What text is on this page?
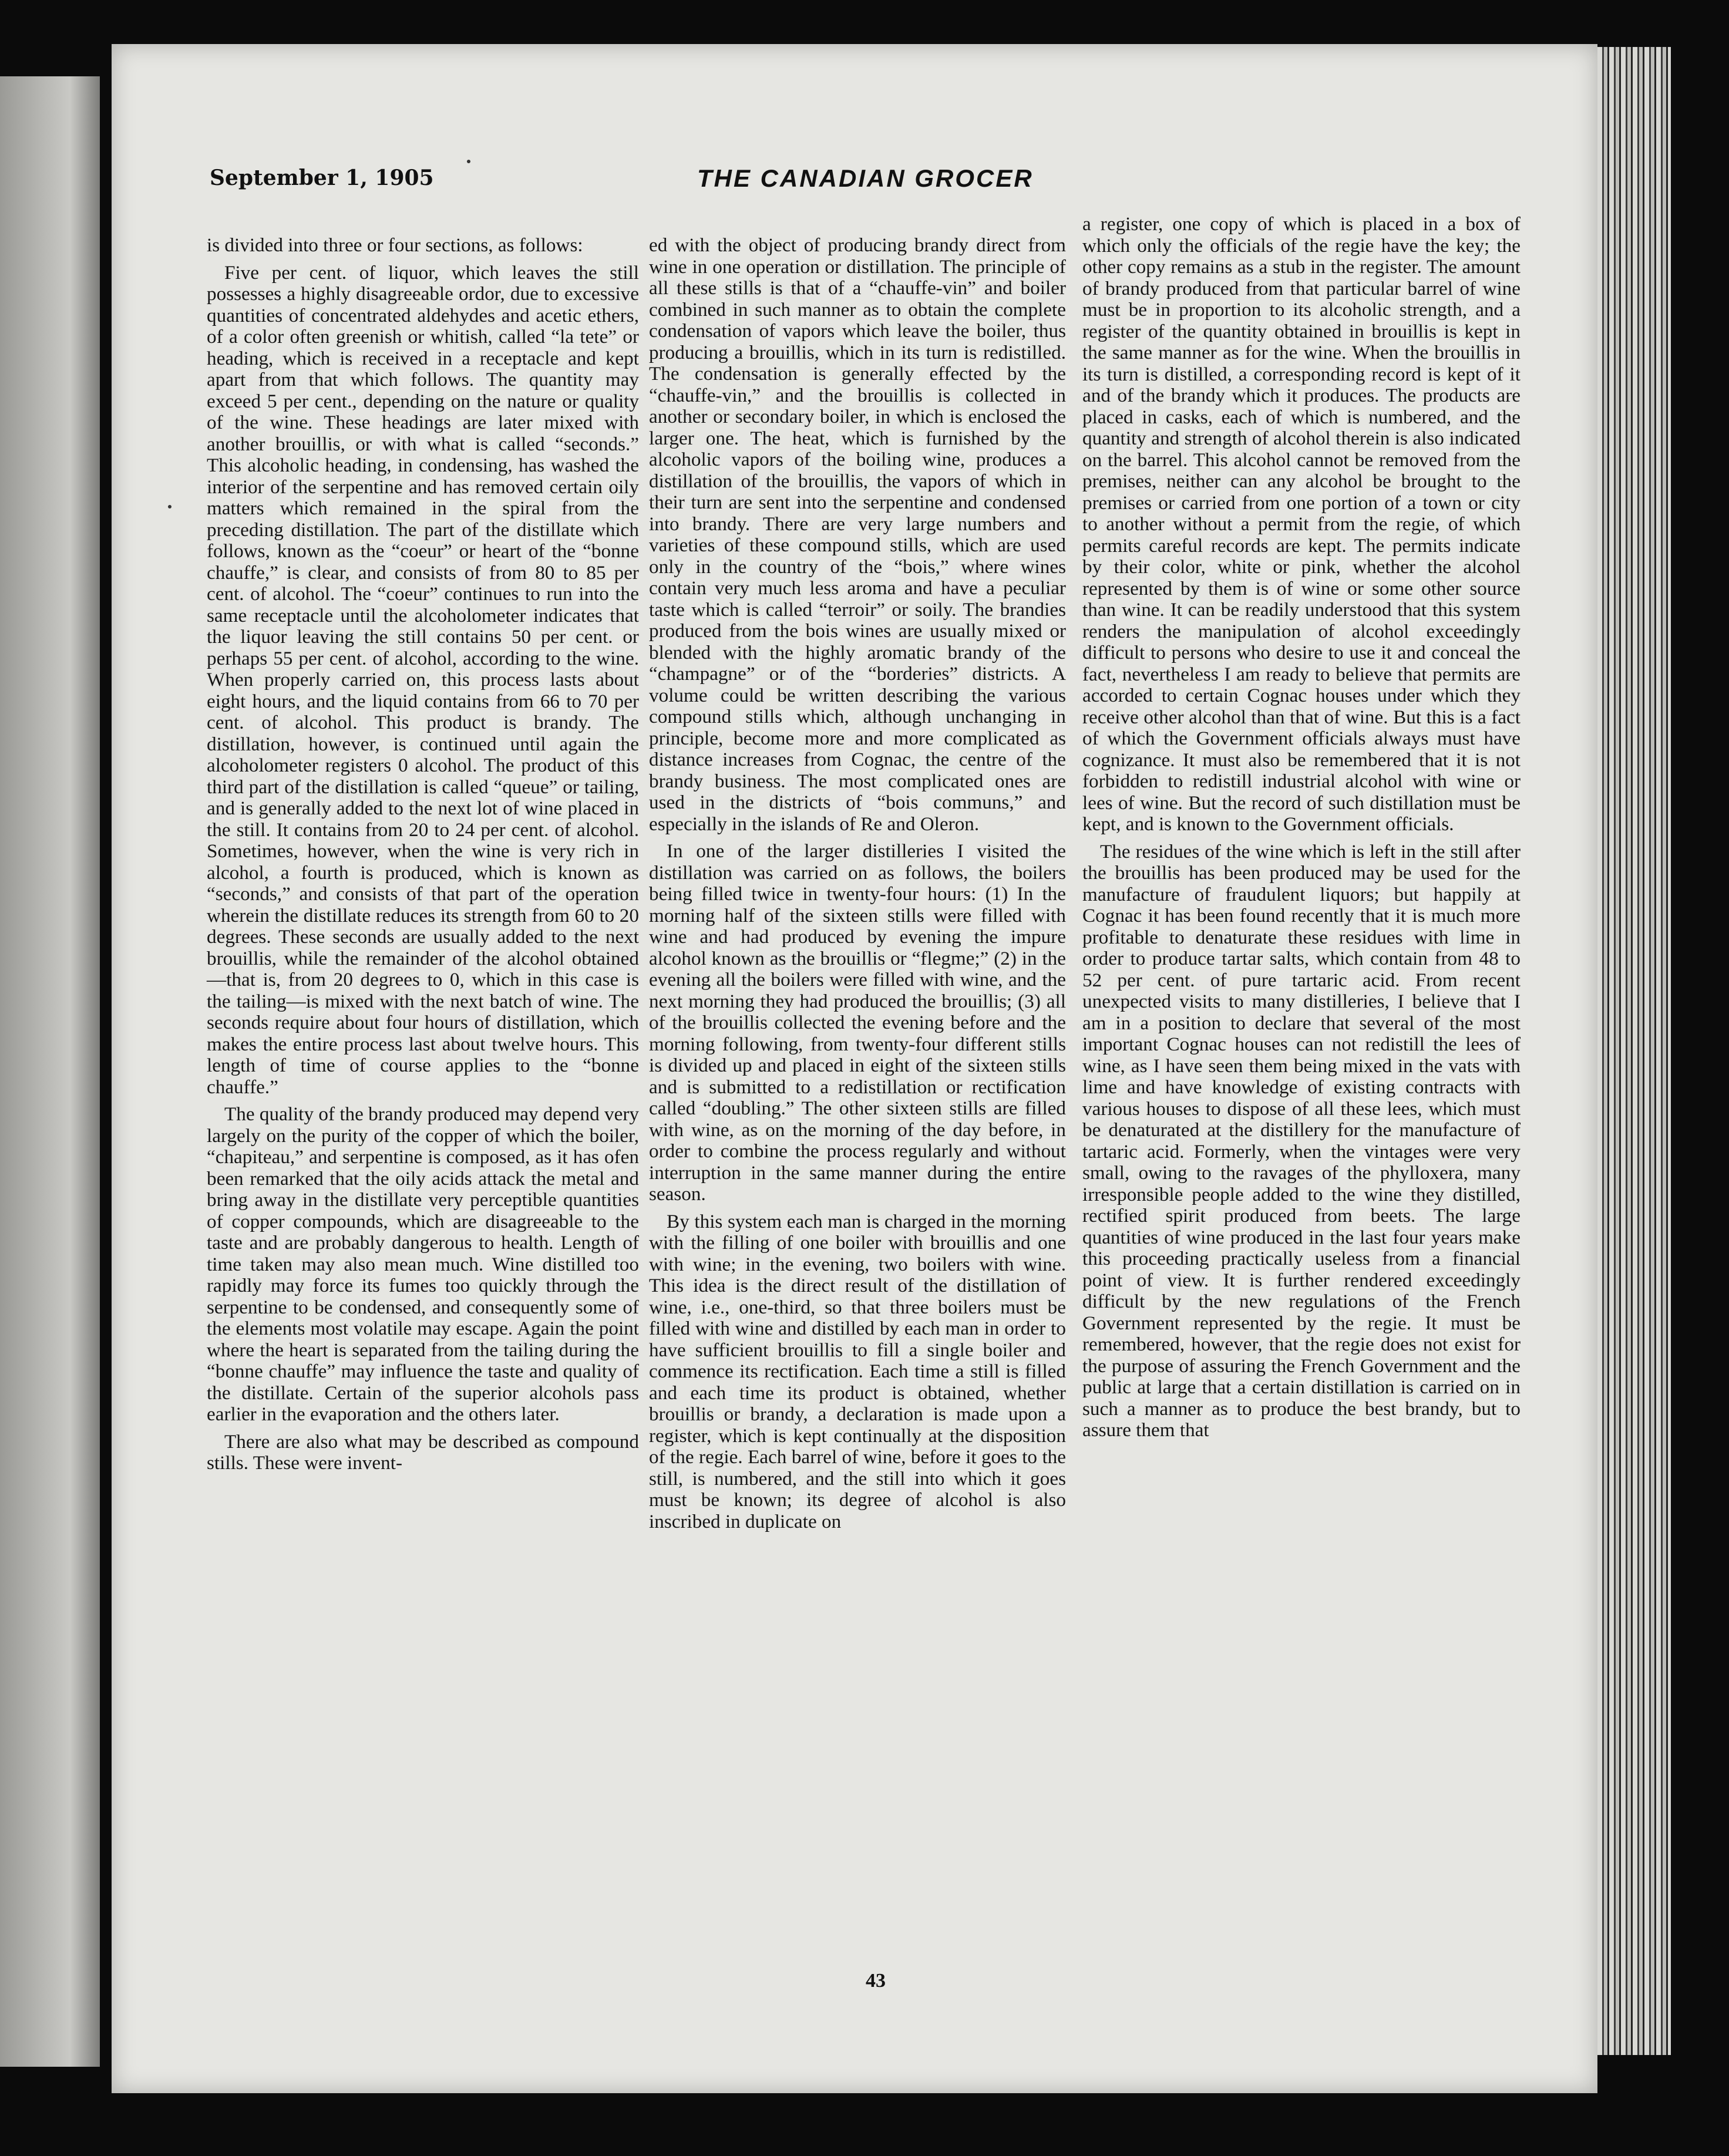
September 1, 1905	THE CANADIAN GROCER

is divided into three or four sections, as follows:

Five per cent. of liquor, which leaves the still possesses a highly disagreeable ordor, due to excessive quantities of concentrated aldehydes and acetic ethers, of a color often greenish or whitish, called “la tete” or heading, which is received in a receptacle and kept apart from that which follows. The quantity may exceed 5 per cent., depending on the nature or quality of the wine. These headings are later mixed with another brouillis, or with what is called “seconds.” This alcoholic heading, in condensing, has washed the interior of the serpentine and has removed certain oily matters which remained in the spiral from the preceding distillation. The part of the distillate which follows, known as the “coeur” or heart of the “bonne chauffe,” is clear, and consists of from 80 to 85 per cent. of alcohol. The “coeur” continues to run into the same receptacle until the alcoholometer indicates that the liquor leaving the still contains 50 per cent. or perhaps 55 per cent. of alcohol, according to the wine. When properly carried on, this process lasts about eight hours, and the liquid contains from 66 to 70 per cent. of alcohol. This product is brandy. The distillation, however, is continued until again the alcoholometer registers 0 alcohol. The product of this third part of the distillation is called “queue” or tailing, and is generally added to the next lot of wine placed in the still. It contains from 20 to 24 per cent. of alcohol. Sometimes, however, when the wine is very rich in alcohol, a fourth is produced, which is known as “seconds,” and consists of that part of the operation wherein the distillate reduces its strength from 60 to 20 degrees. These seconds are usually added to the next brouillis, while the remainder of the alcohol obtained—that is, from 20 degrees to 0, which in this case is the tailing—is mixed with the next batch of wine. The seconds require about four hours of distillation, which makes the entire process last about twelve hours. This length of time of course applies to the “bonne chauffe.”

The quality of the brandy produced may depend very largely on the purity of the copper of which the boiler, “chapiteau,” and serpentine is composed, as it has ofen been remarked that the oily acids attack the metal and bring away in the distillate very perceptible quantities of copper compounds, which are disagreeable to the taste and are probably dangerous to health. Length of time taken may also mean much. Wine distilled too rapidly may force its fumes too quickly through the serpentine to be condensed, and consequently some of the elements most volatile may escape. Again the point where the heart is separated from the tailing during the “bonne chauffe” may influence the taste and quality of the distillate. Certain of the superior alcohols pass earlier in the evaporation and the others later.

There are also what may be described as compound stills. These were invent-

ed with the object of producing brandy direct from wine in one operation or distillation. The principle of all these stills is that of a “chauffe-vin” and boiler combined in such manner as to obtain the complete condensation of vapors which leave the boiler, thus producing a brouillis, which in its turn is redistilled. The condensation is generally effected by the “chauffe-vin,” and the brouillis is collected in another or secondary boiler, in which is enclosed the larger one. The heat, which is furnished by the alcoholic vapors of the boiling wine, produces a distillation of the brouillis, the vapors of which in their turn are sent into the serpentine and condensed into brandy. There are very large numbers and varieties of these compound stills, which are used only in the country of the “bois,” where wines contain very much less aroma and have a peculiar taste which is called “terroir” or soily. The brandies produced from the bois wines are usually mixed or blended with the highly aromatic brandy of the “champagne” or of the “borderies” districts. A volume could be written describing the various compound stills which, although unchanging in principle, become more and more complicated as distance increases from Cognac, the centre of the brandy business. The most complicated ones are used in the districts of “bois communs,” and especially in the islands of Re and Oleron.

In one of the larger distilleries I visited the distillation was carried on as follows, the boilers being filled twice in twenty-four hours: (1) In the morning half of the sixteen stills were filled with wine and had produced by evening the impure alcohol known as the brouillis or “flegme;” (2) in the evening all the boilers were filled with wine, and the next morning they had produced the brouillis; (3) all of the brouillis collected the evening before and the morning following, from twenty-four different stills is divided up and placed in eight of the sixteen stills and is submitted to a redistillation or rectification called “doubling.” The other sixteen stills are filled with wine, as on the morning of the day before, in order to combine the process regularly and without interruption in the same manner during the entire season.

By this system each man is charged in the morning with the filling of one boiler with brouillis and one with wine; in the evening, two boilers with wine. This idea is the direct result of the distillation of wine, i.e., one-third, so that three boilers must be filled with wine and distilled by each man in order to have sufficient brouillis to fill a single boiler and commence its rectification. Each time a still is filled and each time its product is obtained, whether brouillis or brandy, a declaration is made upon a register, which is kept continually at the disposition of the regie. Each barrel of wine, before it goes to the still, is numbered, and the still into which it goes must be known; its degree of alcohol is also inscribed in duplicate on

a register, one copy of which is placed in a box of which only the officials of the regie have the key; the other copy remains as a stub in the register. The amount of brandy produced from that particular barrel of wine must be in proportion to its alcoholic strength, and a register of the quantity obtained in brouillis is kept in the same manner as for the wine. When the brouillis in its turn is distilled, a corresponding record is kept of it and of the brandy which it produces. The products are placed in casks, each of which is numbered, and the quantity and strength of alcohol therein is also indicated on the barrel. This alcohol cannot be removed from the premises, neither can any alcohol be brought to the premises or carried from one portion of a town or city to another without a permit from the regie, of which permits careful records are kept. The permits indicate by their color, white or pink, whether the alcohol represented by them is of wine or some other source than wine. It can be readily understood that this system renders the manipulation of alcohol exceedingly difficult to persons who desire to use it and conceal the fact, nevertheless I am ready to believe that permits are accorded to certain Cognac houses under which they receive other alcohol than that of wine. But this is a fact of which the Government officials always must have cognizance. It must also be remembered that it is not forbidden to redistill industrial alcohol with wine or lees of wine. But the record of such distillation must be kept, and is known to the Government officials.

The residues of the wine which is left in the still after the brouillis has been produced may be used for the manufacture of fraudulent liquors; but happily at Cognac it has been found recently that it is much more profitable to denaturate these residues with lime in order to produce tartar salts, which contain from 48 to 52 per cent. of pure tartaric acid. From recent unexpected visits to many distilleries, I believe that I am in a position to declare that several of the most important Cognac houses can not redistill the lees of wine, as I have seen them being mixed in the vats with lime and have knowledge of existing contracts with various houses to dispose of all these lees, which must be denaturated at the distillery for the manufacture of tartaric acid. Formerly, when the vintages were very small, owing to the ravages of the phylloxera, many irresponsible people added to the wine they distilled, rectified spirit produced from beets. The large quantities of wine produced in the last four years make this proceeding practically useless from a financial point of view. It is further rendered exceedingly difficult by the new regulations of the French Government represented by the regie. It must be remembered, however, that the regie does not exist for the purpose of assuring the French Government and the public at large that a certain distillation is carried on in such a manner as to produce the best brandy, but to assure them that

43
